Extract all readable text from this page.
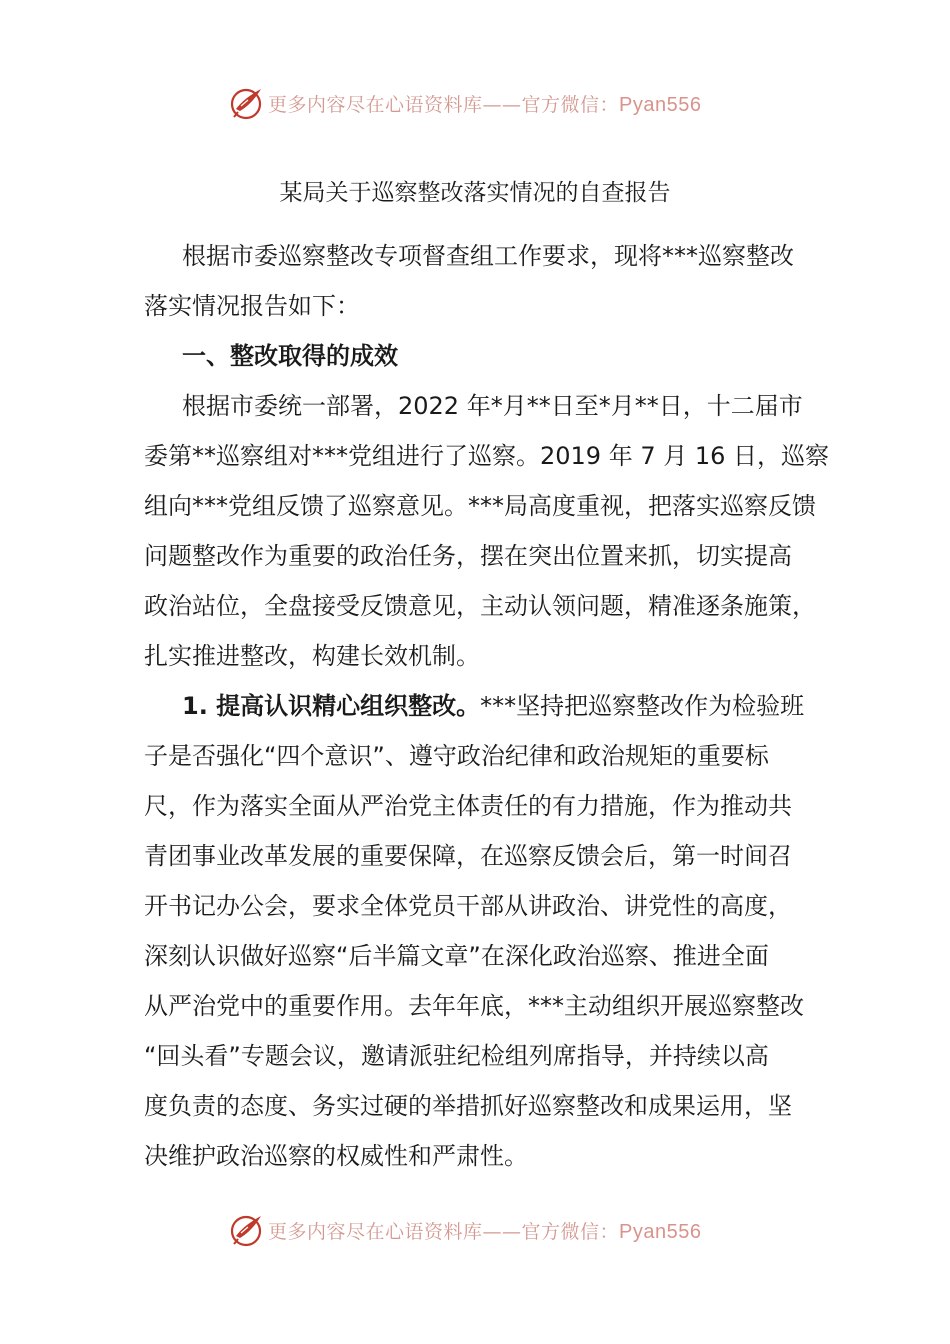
更多内容尽在心语资料库——官方微信：Pyan556
某局关于巡察整改落实情况的自查报告
根据市委巡察整改专项督查组工作要求，现将***巡察整改
落实情况报告如下：
一、整改取得的成效
根据市委统一部署，2022 年*月**日至*月**日，十二届市
委第**巡察组对***党组进行了巡察。2019 年 7 月 16 日，巡察
组向***党组反馈了巡察意见。***局高度重视，把落实巡察反馈
问题整改作为重要的政治任务，摆在突出位置来抓，切实提高
政治站位，全盘接受反馈意见，主动认领问题，精准逐条施策，
扎实推进整改，构建长效机制。
1. 提高认识精心组织整改。***坚持把巡察整改作为检验班
子是否强化“四个意识”、遵守政治纪律和政治规矩的重要标
尺，作为落实全面从严治党主体责任的有力措施，作为推动共
青团事业改革发展的重要保障，在巡察反馈会后，第一时间召
开书记办公会，要求全体党员干部从讲政治、讲党性的高度，
深刻认识做好巡察“后半篇文章”在深化政治巡察、推进全面
从严治党中的重要作用。去年年底，***主动组织开展巡察整改
“回头看”专题会议，邀请派驻纪检组列席指导，并持续以高
度负责的态度、务实过硬的举措抓好巡察整改和成果运用，坚
决维护政治巡察的权威性和严肃性。
更多内容尽在心语资料库——官方微信：Pyan556
